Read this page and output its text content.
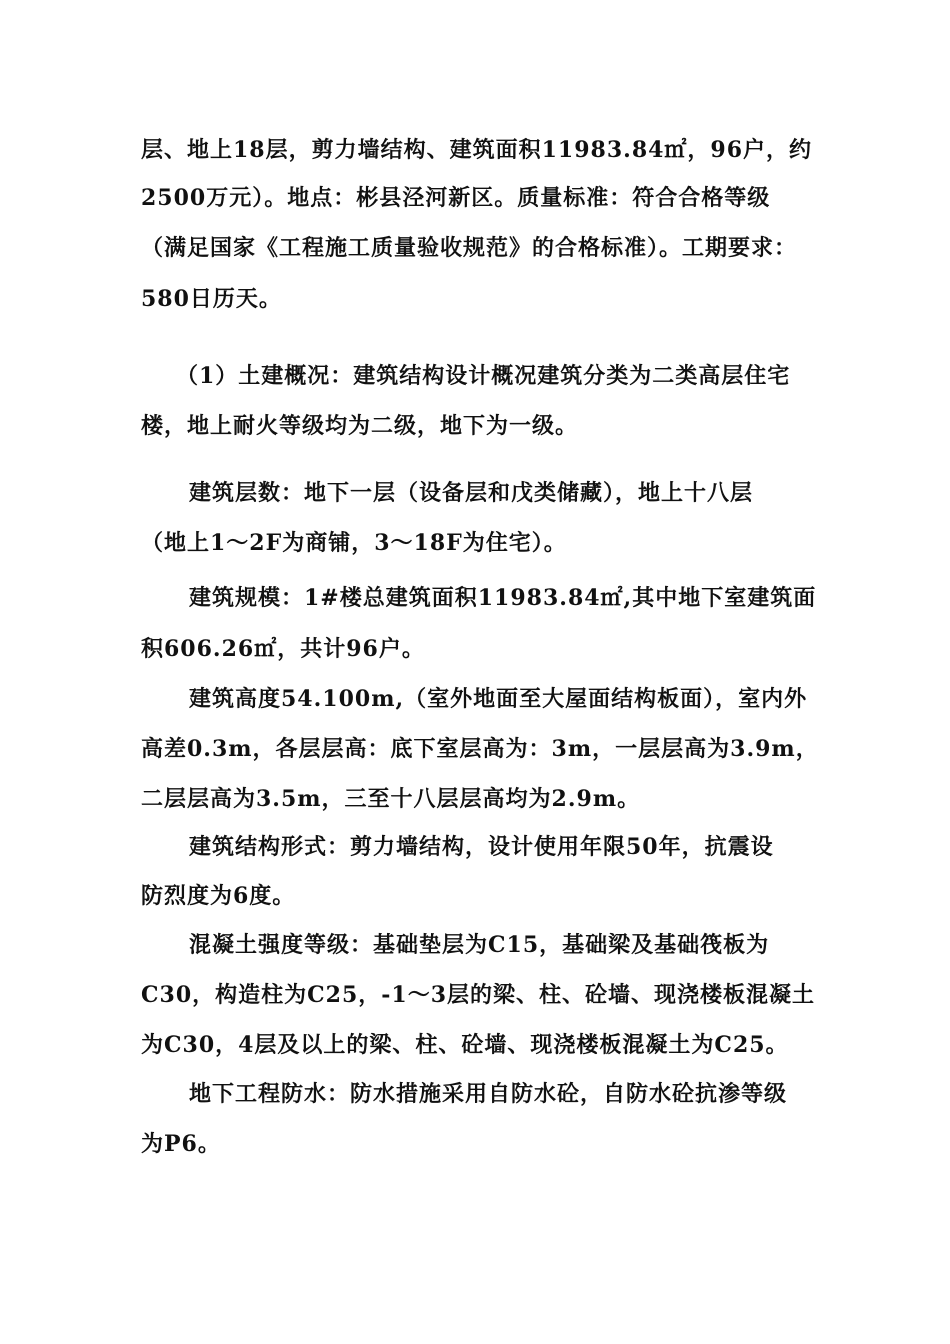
层、地上18层，剪力墙结构、建筑面积11983.84㎡，96户，约
2500万元）。地点：彬县泾河新区。质量标准：符合合格等级
（满足国家《工程施工质量验收规范》的合格标准）。工期要求：
580日历天。
（1）土建概况：建筑结构设计概况建筑分类为二类高层住宅
楼，地上耐火等级均为二级，地下为一级。
建筑层数：地下一层（设备层和戊类储藏），地上十八层
（地上1～2F为商铺，3～18F为住宅）。
建筑规模：1#楼总建筑面积11983.84㎡,其中地下室建筑面
积606.26㎡，共计96户。
建筑高度54.100m,（室外地面至大屋面结构板面），室内外
高差0.3m，各层层高：底下室层高为：3m，一层层高为3.9m，
二层层高为3.5m，三至十八层层高均为2.9m。
建筑结构形式：剪力墙结构，设计使用年限50年，抗震设
防烈度为6度。
混凝土强度等级：基础垫层为C15，基础梁及基础筏板为
C30，构造柱为C25，-1～3层的梁、柱、砼墙、现浇楼板混凝土
为C30，4层及以上的梁、柱、砼墙、现浇楼板混凝土为C25。
地下工程防水：防水措施采用自防水砼，自防水砼抗渗等级
为P6。
